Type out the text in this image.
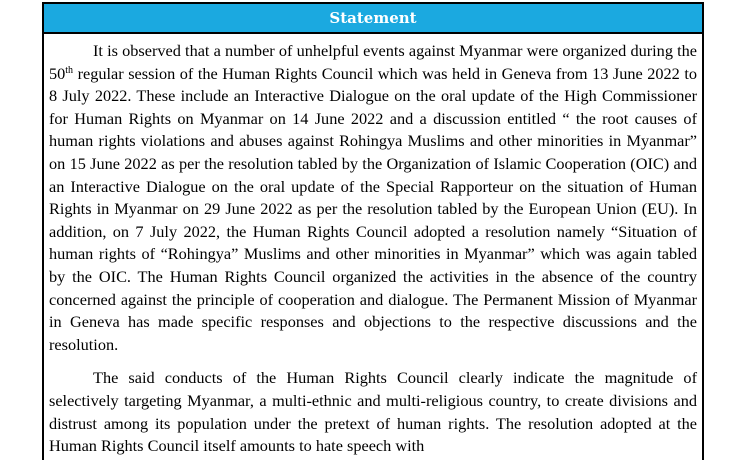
Statement

It is observed that a number of unhelpful events against Myanmar were organized during the 50th regular session of the Human Rights Council which was held in Geneva from 13 June 2022 to 8 July 2022. These include an Interactive Dialogue on the oral update of the High Commissioner for Human Rights on Myanmar on 14 June 2022 and a discussion entitled “ the root causes of human rights violations and abuses against Rohingya Muslims and other minorities in Myanmar” on 15 June 2022 as per the resolution tabled by the Organization of Islamic Cooperation (OIC) and an Interactive Dialogue on the oral update of the Special Rapporteur on the situation of Human Rights in Myanmar on 29 June 2022 as per the resolution tabled by the European Union (EU). In addition, on 7 July 2022, the Human Rights Council adopted a resolution namely “Situation of human rights of “Rohingya” Muslims and other minorities in Myanmar” which was again tabled by the OIC. The Human Rights Council organized the activities in the absence of the country concerned against the principle of cooperation and dialogue. The Permanent Mission of Myanmar in Geneva has made specific responses and objections to the respective discussions and the resolution.

The said conducts of the Human Rights Council clearly indicate the magnitude of selectively targeting Myanmar, a multi-ethnic and multi-religious country, to create divisions and distrust among its population under the pretext of human rights. The resolution adopted at the Human Rights Council itself amounts to hate speech with
